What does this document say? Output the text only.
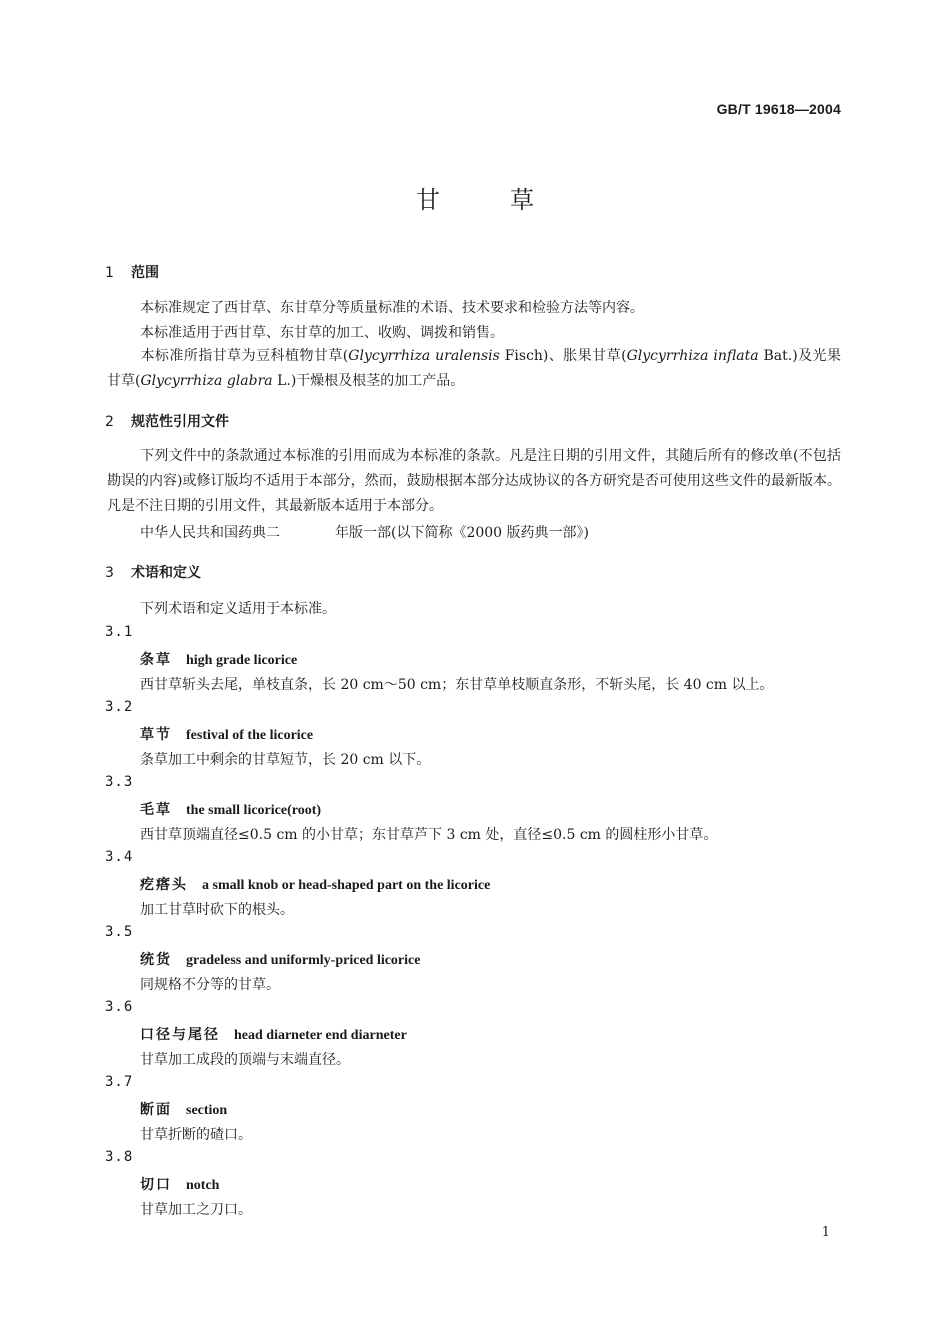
GB/T 19618—2004
甘草
1 范围
本标准规定了西甘草、东甘草分等质量标准的术语、技术要求和检验方法等内容。
本标准适用于西甘草、东甘草的加工、收购、调拨和销售。
本标准所指甘草为豆科植物甘草(Glycyrrhiza uralensis Fisch)、胀果甘草(Glycyrrhiza inflata Bat.)及光果甘草(Glycyrrhiza glabra L.)干燥根及根茎的加工产品。
2 规范性引用文件
下列文件中的条款通过本标准的引用而成为本标准的条款。凡是注日期的引用文件，其随后所有的修改单(不包括勘误的内容)或修订版均不适用于本部分，然而，鼓励根据本部分达成协议的各方研究是否可使用这些文件的最新版本。凡是不注日期的引用文件，其最新版本适用于本部分。
中华人民共和国药典二	年版一部(以下简称《2000 版药典一部》)
3 术语和定义
下列术语和定义适用于本标准。
3.1
条草 high grade licorice
西甘草斩头去尾，单枝直条，长 20 cm～50 cm；东甘草单枝顺直条形，不斩头尾，长 40 cm 以上。
3.2
草节 festival of the licorice
条草加工中剩余的甘草短节，长 20 cm 以下。
3.3
毛草 the small licorice(root)
西甘草顶端直径≤0.5 cm 的小甘草；东甘草芦下 3 cm 处，直径≤0.5 cm 的圆柱形小甘草。
3.4
疙瘩头 a small knob or head-shaped part on the licorice
加工甘草时砍下的根头。
3.5
统货 gradeless and uniformly-priced licorice
同规格不分等的甘草。
3.6
口径与尾径 head diarneter end diarneter
甘草加工成段的顶端与末端直径。
3.7
断面 section
甘草折断的碴口。
3.8
切口 notch
甘草加工之刀口。
1
